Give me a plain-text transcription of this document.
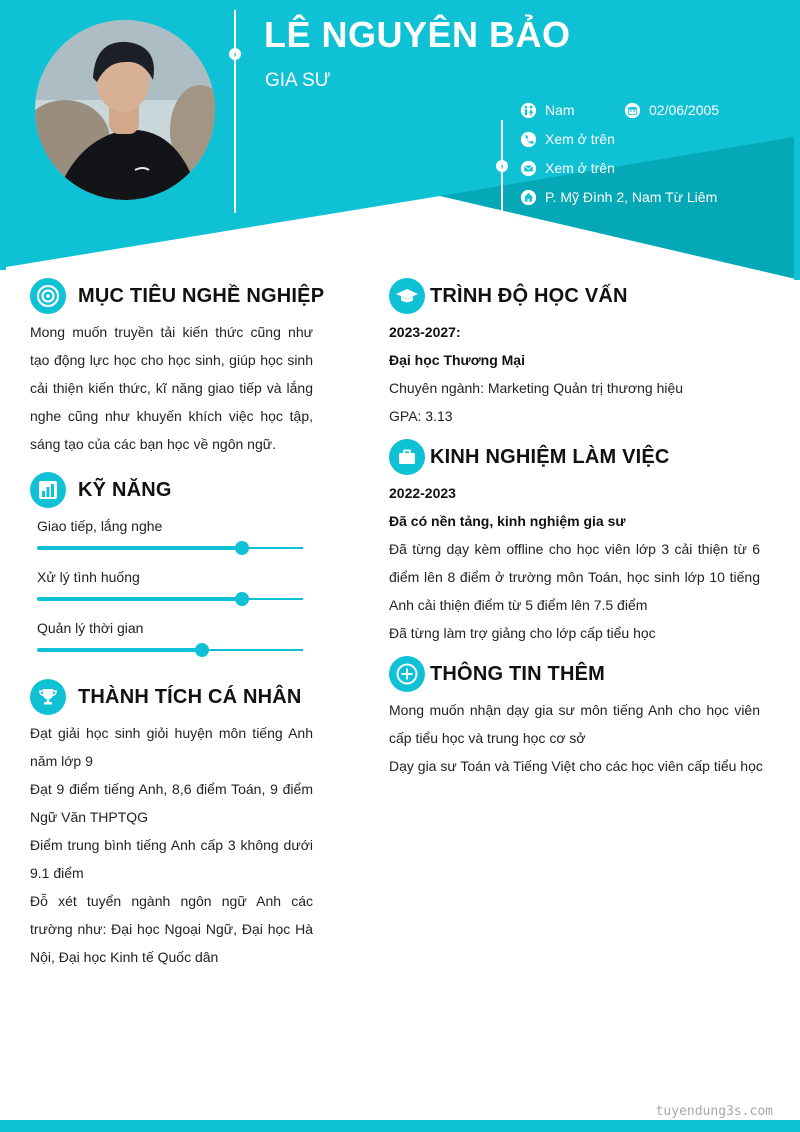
›
›
LÊ NGUYÊN BẢO
GIA SƯ
Nam	02/06/2005
Xem ở trên
Xem ở trên
P. Mỹ Đình 2, Nam Từ Liêm
MỤC TIÊU NGHỀ NGHIỆP
Mong muốn truyền tải kiến thức cũng như tạo động lực học cho học sinh, giúp học sinh cải thiện kiến thức, kĩ năng giao tiếp và lắng nghe cũng như khuyến khích việc học tập, sáng tạo của các bạn học về ngôn ngữ.
KỸ NĂNG
Giao tiếp, lắng nghe
Xử lý tình huống
Quản lý thời gian
THÀNH TÍCH CÁ NHÂN
Đạt giải học sinh giỏi huyện môn tiếng Anh năm lớp 9
Đạt 9 điểm tiếng Anh, 8,6 điểm Toán, 9 điểm Ngữ Văn THPTQG
Điểm trung bình tiếng Anh cấp 3 không dưới 9.1 điểm
Đỗ xét tuyển ngành ngôn ngữ Anh các trường như: Đại học Ngoại Ngữ, Đại học Hà Nội, Đại học Kinh tế Quốc dân
TRÌNH ĐỘ HỌC VẤN
2023-2027:
Đại học Thương Mại
Chuyên ngành: Marketing Quản trị thương hiệu
GPA: 3.13
KINH NGHIỆM LÀM VIỆC
2022-2023
Đã có nền tảng, kinh nghiệm gia sư
Đã từng dạy kèm offline cho học viên lớp 3 cải thiện từ 6 điểm lên 8 điểm ở trường môn Toán, học sinh lớp 10 tiếng Anh cải thiện điểm từ 5 điểm lên 7.5 điểm
Đã từng làm trợ giảng cho lớp cấp tiểu học
THÔNG TIN THÊM
Mong muốn nhận dạy gia sư môn tiếng Anh cho học viên cấp tiểu học và trung học cơ sở
Dạy gia sư Toán và Tiếng Việt cho các học viên cấp tiểu học
tuyendung3s.com
